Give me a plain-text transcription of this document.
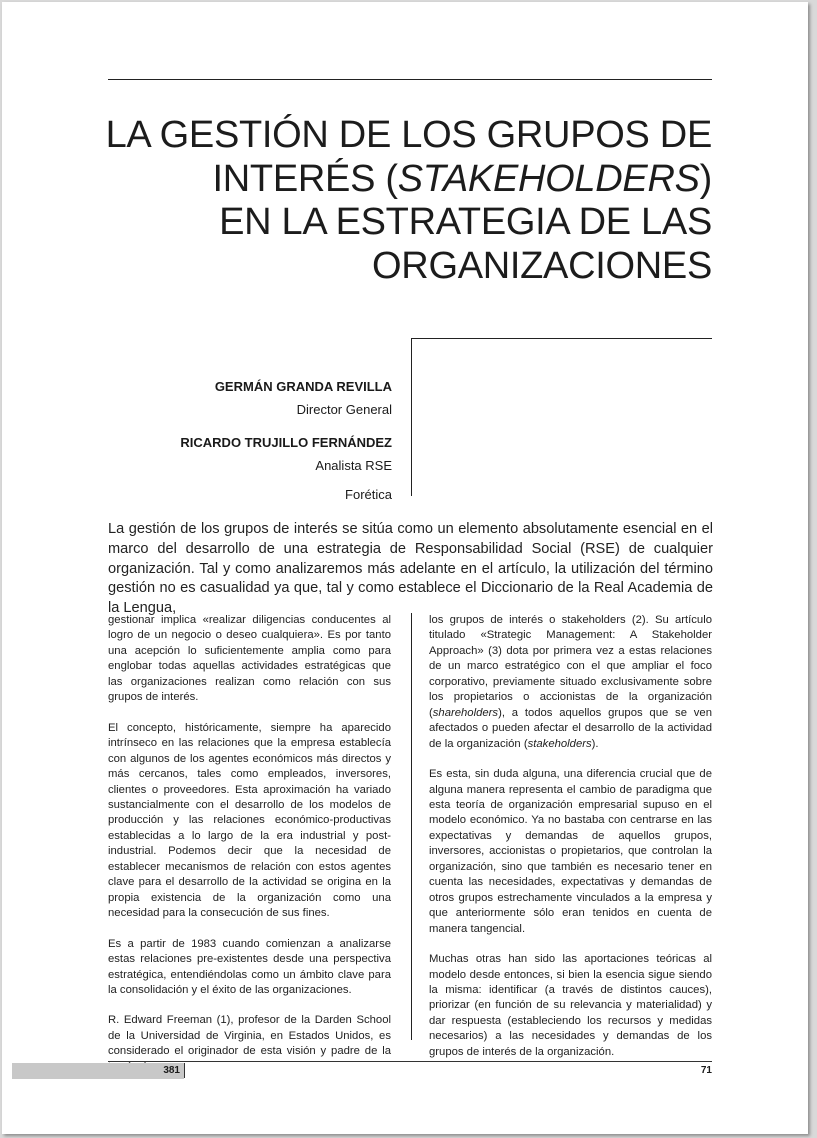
LA GESTIÓN DE LOS GRUPOS DE
INTERÉS (STAKEHOLDERS)
EN LA ESTRATEGIA DE LAS
ORGANIZACIONES

GERMÁN GRANDA REVILLA

Director General

RICARDO TRUJILLO FERNÁNDEZ

Analista RSE

Forética

La gestión de los grupos de interés se sitúa como un elemento absolutamente esencial en el marco del desarrollo de una estrategia de Responsabilidad Social (RSE) de cualquier organización. Tal y como analizaremos más adelante en el artículo, la utilización del término gestión no es casualidad ya que, tal y como establece el Diccionario de la Real Academia de la Lengua,

gestionar implica «realizar diligencias conducentes al logro de un negocio o deseo cualquiera». Es por tanto una acepción lo suficientemente amplia como para englobar todas aquellas actividades estratégicas que las organizaciones realizan como relación con sus grupos de interés.

El concepto, históricamente, siempre ha aparecido intrínseco en las relaciones que la empresa establecía con algunos de los agentes económicos más directos y más cercanos, tales como empleados, inversores, clientes o proveedores. Esta aproximación ha variado sustancialmente con el desarrollo de los modelos de producción y las relaciones económico-productivas establecidas a lo largo de la era industrial y post-industrial. Podemos decir que la necesidad de establecer mecanismos de relación con estos agentes clave para el desarrollo de la actividad se origina en la propia existencia de la organización como una necesidad para la consecución de sus fines.

Es a partir de 1983 cuando comienzan a analizarse estas relaciones pre-existentes desde una perspectiva estratégica, entendiéndolas como un ámbito clave para la consolidación y el éxito de las organizaciones.

R. Edward Freeman (1), profesor de la Darden School de la Universidad de Virginia, en Estados Unidos, es considerado el originador de esta visión y padre de la

los grupos de interés o stakeholders (2). Su artículo titulado «Strategic Management: A Stakeholder Approach» (3) dota por primera vez a estas relaciones de un marco estratégico con el que ampliar el foco corporativo, previamente situado exclusivamente sobre los propietarios o accionistas de la organización (shareholders), a todos aquellos grupos que se ven afectados o pueden afectar el desarrollo de la actividad de la organización (stakeholders).

Es esta, sin duda alguna, una diferencia crucial que de alguna manera representa el cambio de paradigma que esta teoría de organización empresarial supuso en el modelo económico. Ya no bastaba con centrarse en las expectativas y demandas de aquellos grupos, inversores, accionistas o propietarios, que controlan la organización, sino que también es necesario tener en cuenta las necesidades, expectativas y demandas de otros grupos estrechamente vinculados a la empresa y que anteriormente sólo eran tenidos en cuenta de manera tangencial.

Muchas otras han sido las aportaciones teóricas al modelo desde entonces, si bien la esencia sigue siendo la misma: identificar (a través de distintos cauces), priorizar (en función de su relevancia y materialidad) y dar respuesta (estableciendo los recursos y medidas necesarios) a las necesidades y demandas de los grupos de interés de la organización.

381	71
